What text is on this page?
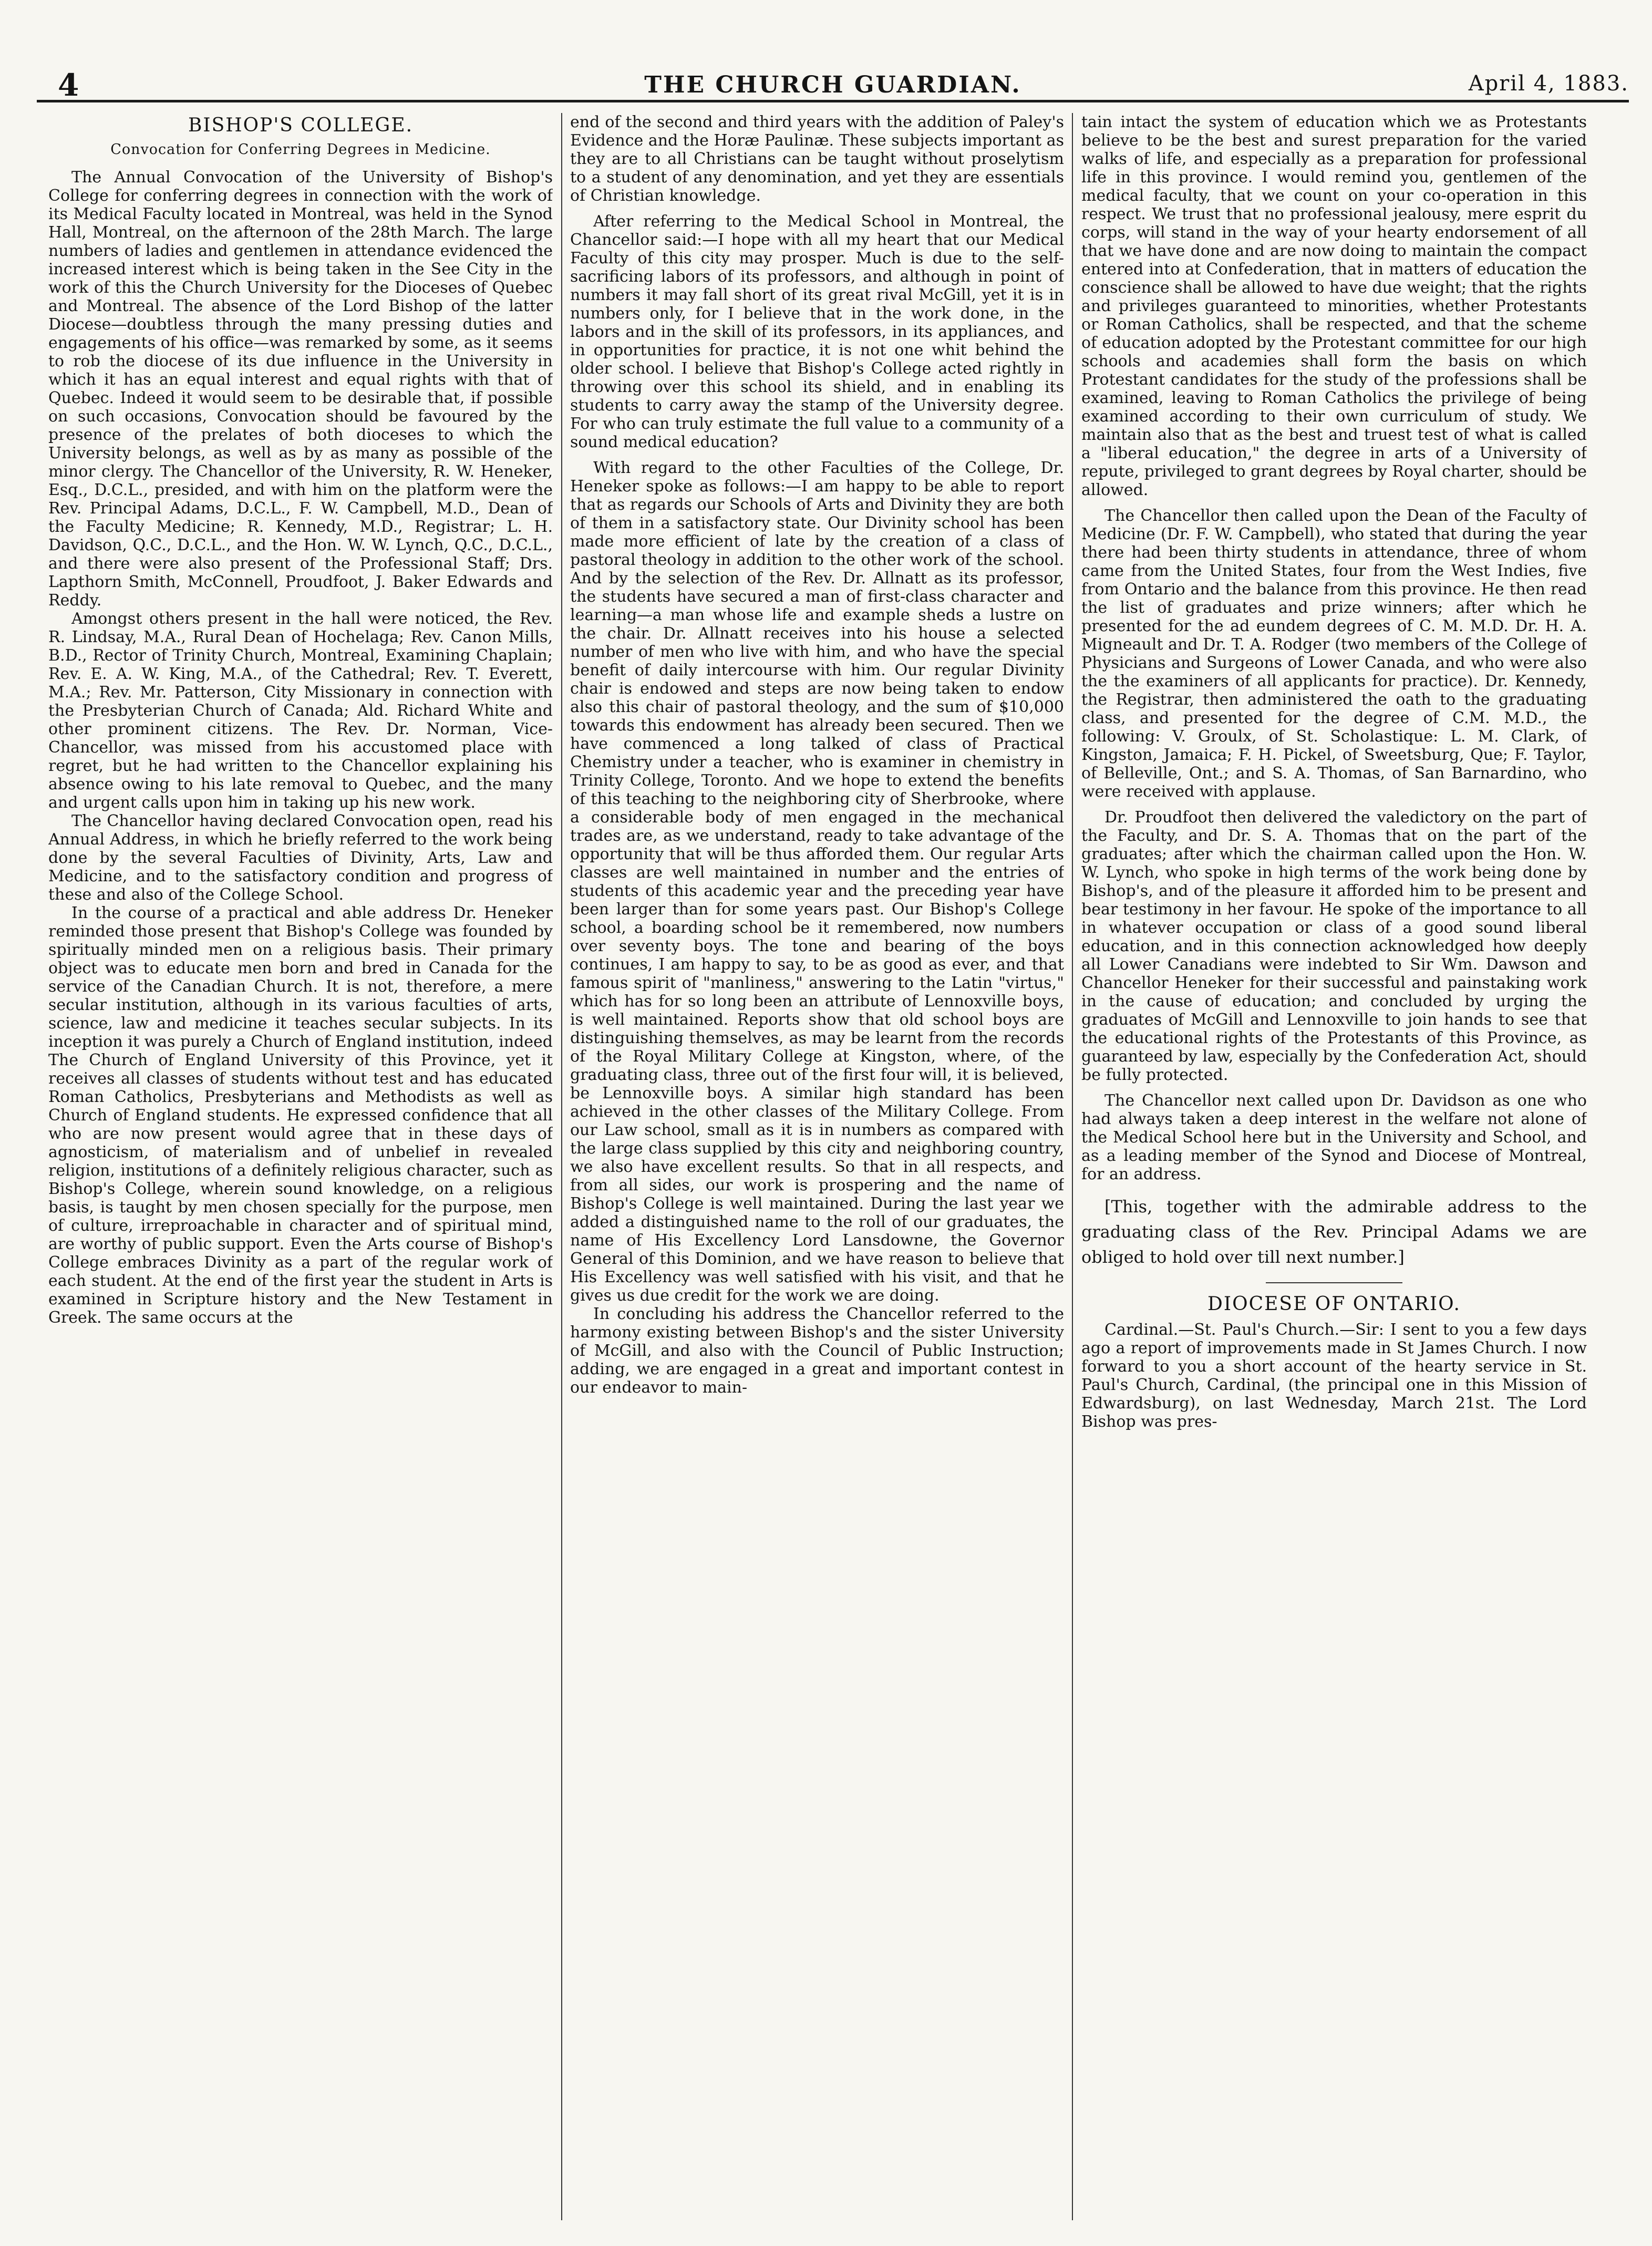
4	THE CHURCH GUARDIAN.	April 4, 1883.
BISHOP'S COLLEGE.
Convocation for Conferring Degrees in Medicine.

The Annual Convocation of the University of Bishop's College for conferring degrees in connection with the work of its Medical Faculty located in Montreal, was held in the Synod Hall, Montreal, on the afternoon of the 28th March. The large numbers of ladies and gentlemen in attendance evidenced the increased interest which is being taken in the See City in the work of this the Church University for the Dioceses of Quebec and Montreal. The absence of the Lord Bishop of the latter Diocese—doubtless through the many pressing duties and engagements of his office—was remarked by some, as it seems to rob the diocese of its due influence in the University in which it has an equal interest and equal rights with that of Quebec. Indeed it would seem to be desirable that, if possible on such occasions, Convocation should be favoured by the presence of the prelates of both dioceses to which the University belongs, as well as by as many as possible of the minor clergy. The Chancellor of the University, R. W. Heneker, Esq., D.C.L., presided, and with him on the platform were the Rev. Principal Adams, D.C.L., F. W. Campbell, M.D., Dean of the Faculty Medicine; R. Kennedy, M.D., Registrar; L. H. Davidson, Q.C., D.C.L., and the Hon. W. W. Lynch, Q.C., D.C.L., and there were also present of the Professional Staff; Drs. Lapthorn Smith, McConnell, Proudfoot, J. Baker Edwards and Reddy.

Amongst others present in the hall were noticed, the Rev. R. Lindsay, M.A., Rural Dean of Hochelaga; Rev. Canon Mills, B.D., Rector of Trinity Church, Montreal, Examining Chaplain; Rev. E. A. W. King, M.A., of the Cathedral; Rev. T. Everett, M.A.; Rev. Mr. Patterson, City Missionary in connection with the Presbyterian Church of Canada; Ald. Richard White and other prominent citizens. The Rev. Dr. Norman, Vice-Chancellor, was missed from his accustomed place with regret, but he had written to the Chancellor explaining his absence owing to his late removal to Quebec, and the many and urgent calls upon him in taking up his new work.

The Chancellor having declared Convocation open, read his Annual Address, in which he briefly referred to the work being done by the several Faculties of Divinity, Arts, Law and Medicine, and to the satisfactory condition and progress of these and also of the College School.

In the course of a practical and able address Dr. Heneker reminded those present that Bishop's College was founded by spiritually minded men on a religious basis. Their primary object was to educate men born and bred in Canada for the service of the Canadian Church. It is not, therefore, a mere secular institution, although in its various faculties of arts, science, law and medicine it teaches secular subjects. In its inception it was purely a Church of England institution, indeed The Church of England University of this Province, yet it receives all classes of students without test and has educated Roman Catholics, Presbyterians and Methodists as well as Church of England students. He expressed confidence that all who are now present would agree that in these days of agnosticism, of materialism and of unbelief in revealed religion, institutions of a definitely religious character, such as Bishop's College, wherein sound knowledge, on a religious basis, is taught by men chosen specially for the purpose, men of culture, irreproachable in character and of spiritual mind, are worthy of public support. Even the Arts course of Bishop's College embraces Divinity as a part of the regular work of each student. At the end of the first year the student in Arts is examined in Scripture history and the New Testament in Greek. The same occurs at the

end of the second and third years with the addition of Paley's Evidence and the Horæ Paulinæ. These subjects important as they are to all Christians can be taught without proselytism to a student of any denomination, and yet they are essentials of Christian knowledge.

After referring to the Medical School in Montreal, the Chancellor said:—I hope with all my heart that our Medical Faculty of this city may prosper. Much is due to the self-sacrificing labors of its professors, and although in point of numbers it may fall short of its great rival McGill, yet it is in numbers only, for I believe that in the work done, in the labors and in the skill of its professors, in its appliances, and in opportunities for practice, it is not one whit behind the older school. I believe that Bishop's College acted rightly in throwing over this school its shield, and in enabling its students to carry away the stamp of the University degree. For who can truly estimate the full value to a community of a sound medical education?

With regard to the other Faculties of the College, Dr. Heneker spoke as follows:—I am happy to be able to report that as regards our Schools of Arts and Divinity they are both of them in a satisfactory state. Our Divinity school has been made more efficient of late by the creation of a class of pastoral theology in addition to the other work of the school. And by the selection of the Rev. Dr. Allnatt as its professor, the students have secured a man of first-class character and learning—a man whose life and example sheds a lustre on the chair. Dr. Allnatt receives into his house a selected number of men who live with him, and who have the special benefit of daily intercourse with him. Our regular Divinity chair is endowed and steps are now being taken to endow also this chair of pastoral theology, and the sum of $10,000 towards this endowment has already been secured. Then we have commenced a long talked of class of Practical Chemistry under a teacher, who is examiner in chemistry in Trinity College, Toronto. And we hope to extend the benefits of this teaching to the neighboring city of Sherbrooke, where a considerable body of men engaged in the mechanical trades are, as we understand, ready to take advantage of the opportunity that will be thus afforded them. Our regular Arts classes are well maintained in number and the entries of students of this academic year and the preceding year have been larger than for some years past. Our Bishop's College school, a boarding school be it remembered, now numbers over seventy boys. The tone and bearing of the boys continues, I am happy to say, to be as good as ever, and that famous spirit of "manliness," answering to the Latin "virtus," which has for so long been an attribute of Lennoxville boys, is well maintained. Reports show that old school boys are distinguishing themselves, as may be learnt from the records of the Royal Military College at Kingston, where, of the graduating class, three out of the first four will, it is believed, be Lennoxville boys. A similar high standard has been achieved in the other classes of the Military College. From our Law school, small as it is in numbers as compared with the large class supplied by this city and neighboring country, we also have excellent results. So that in all respects, and from all sides, our work is prospering and the name of Bishop's College is well maintained. During the last year we added a distinguished name to the roll of our graduates, the name of His Excellency Lord Lansdowne, the Governor General of this Dominion, and we have reason to believe that His Excellency was well satisfied with his visit, and that he gives us due credit for the work we are doing.

In concluding his address the Chancellor referred to the harmony existing between Bishop's and the sister University of McGill, and also with the Council of Public Instruction; adding, we are engaged in a great and important contest in our endeavor to main-

tain intact the system of education which we as Protestants believe to be the best and surest preparation for the varied walks of life, and especially as a preparation for professional life in this province. I would remind you, gentlemen of the medical faculty, that we count on your co-operation in this respect. We trust that no professional jealousy, mere esprit du corps, will stand in the way of your hearty endorsement of all that we have done and are now doing to maintain the compact entered into at Confederation, that in matters of education the conscience shall be allowed to have due weight; that the rights and privileges guaranteed to minorities, whether Protestants or Roman Catholics, shall be respected, and that the scheme of education adopted by the Protestant committee for our high schools and academies shall form the basis on which Protestant candidates for the study of the professions shall be examined, leaving to Roman Catholics the privilege of being examined according to their own curriculum of study. We maintain also that as the best and truest test of what is called a "liberal education," the degree in arts of a University of repute, privileged to grant degrees by Royal charter, should be allowed.

The Chancellor then called upon the Dean of the Faculty of Medicine (Dr. F. W. Campbell), who stated that during the year there had been thirty students in attendance, three of whom came from the United States, four from the West Indies, five from Ontario and the balance from this province. He then read the list of graduates and prize winners; after which he presented for the ad eundem degrees of C. M. M.D. Dr. H. A. Migneault and Dr. T. A. Rodger (two members of the College of Physicians and Surgeons of Lower Canada, and who were also the the examiners of all applicants for practice). Dr. Kennedy, the Registrar, then administered the oath to the graduating class, and presented for the degree of C.M. M.D., the following: V. Groulx, of St. Scholastique: L. M. Clark, of Kingston, Jamaica; F. H. Pickel, of Sweetsburg, Que; F. Taylor, of Belleville, Ont.; and S. A. Thomas, of San Barnardino, who were received with applause.

Dr. Proudfoot then delivered the valedictory on the part of the Faculty, and Dr. S. A. Thomas that on the part of the graduates; after which the chairman called upon the Hon. W. W. Lynch, who spoke in high terms of the work being done by Bishop's, and of the pleasure it afforded him to be present and bear testimony in her favour. He spoke of the importance to all in whatever occupation or class of a good sound liberal education, and in this connection acknowledged how deeply all Lower Canadians were indebted to Sir Wm. Dawson and Chancellor Heneker for their successful and painstaking work in the cause of education; and concluded by urging the graduates of McGill and Lennoxville to join hands to see that the educational rights of the Protestants of this Province, as guaranteed by law, especially by the Confederation Act, should be fully protected.

The Chancellor next called upon Dr. Davidson as one who had always taken a deep interest in the welfare not alone of the Medical School here but in the University and School, and as a leading member of the Synod and Diocese of Montreal, for an address.

[This, together with the admirable address to the graduating class of the Rev. Principal Adams we are obliged to hold over till next number.]

DIOCESE OF ONTARIO.

Cardinal.—St. Paul's Church.—Sir: I sent to you a few days ago a report of improvements made in St James Church. I now forward to you a short account of the hearty service in St. Paul's Church, Cardinal, (the principal one in this Mission of Edwardsburg), on last Wednesday, March 21st. The Lord Bishop was pres-
